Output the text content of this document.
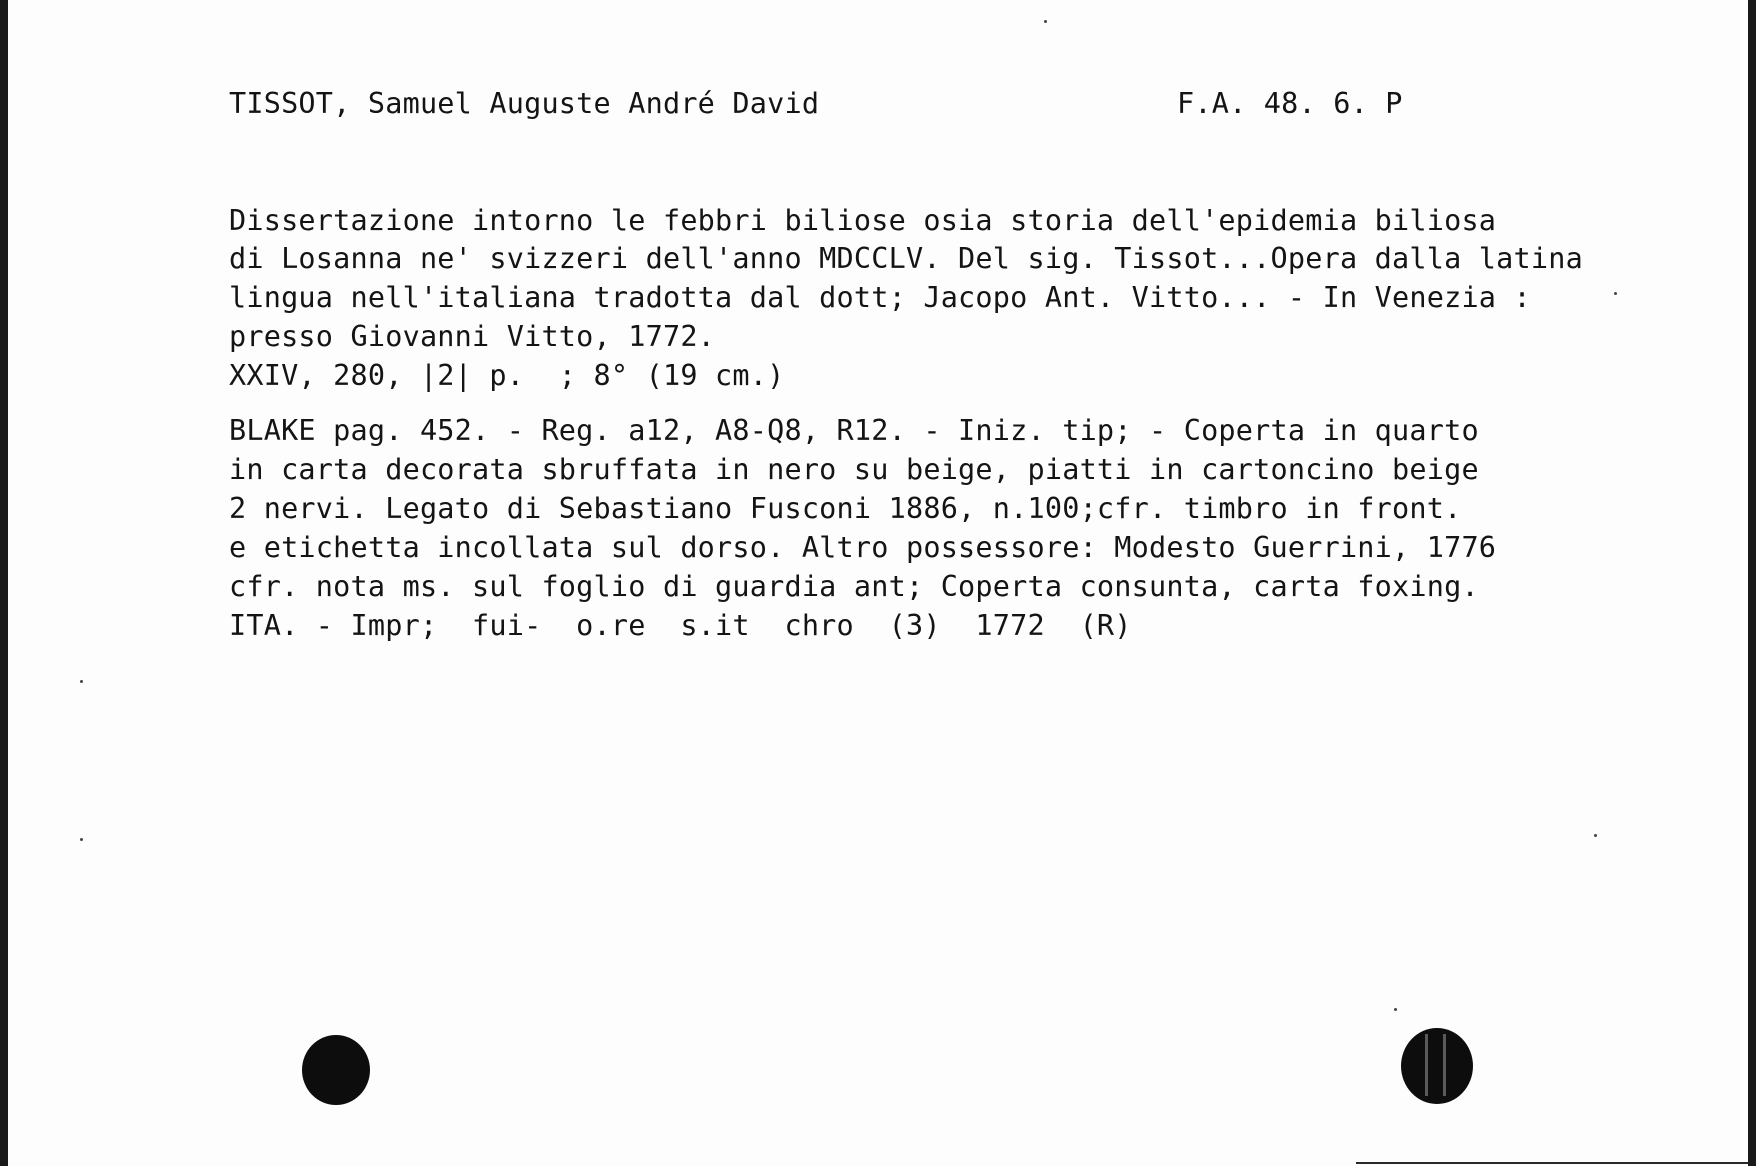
TISSOT, Samuel Auguste André David	F.A. 48. 6. P

Dissertazione intorno le febbri biliose osia storia dell'epidemia biliosa

di Losanna ne' svizzeri dell'anno MDCCLV. Del sig. Tissot...Opera dalla latina

lingua nell'italiana tradotta dal dott; Jacopo Ant. Vitto... - In Venezia :

presso Giovanni Vitto, 1772.

XXIV, 280, |2| p.  ; 8° (19 cm.)

BLAKE pag. 452. - Reg. a12, A8-Q8, R12. - Iniz. tip; - Coperta in quarto

in carta decorata sbruffata in nero su beige, piatti in cartoncino beige

2 nervi. Legato di Sebastiano Fusconi 1886, n.100;cfr. timbro in front.

e etichetta incollata sul dorso. Altro possessore: Modesto Guerrini, 1776

cfr. nota ms. sul foglio di guardia ant; Coperta consunta, carta foxing.

ITA. - Impr;  fui-  o.re  s.it  chro  (3)  1772  (R)
